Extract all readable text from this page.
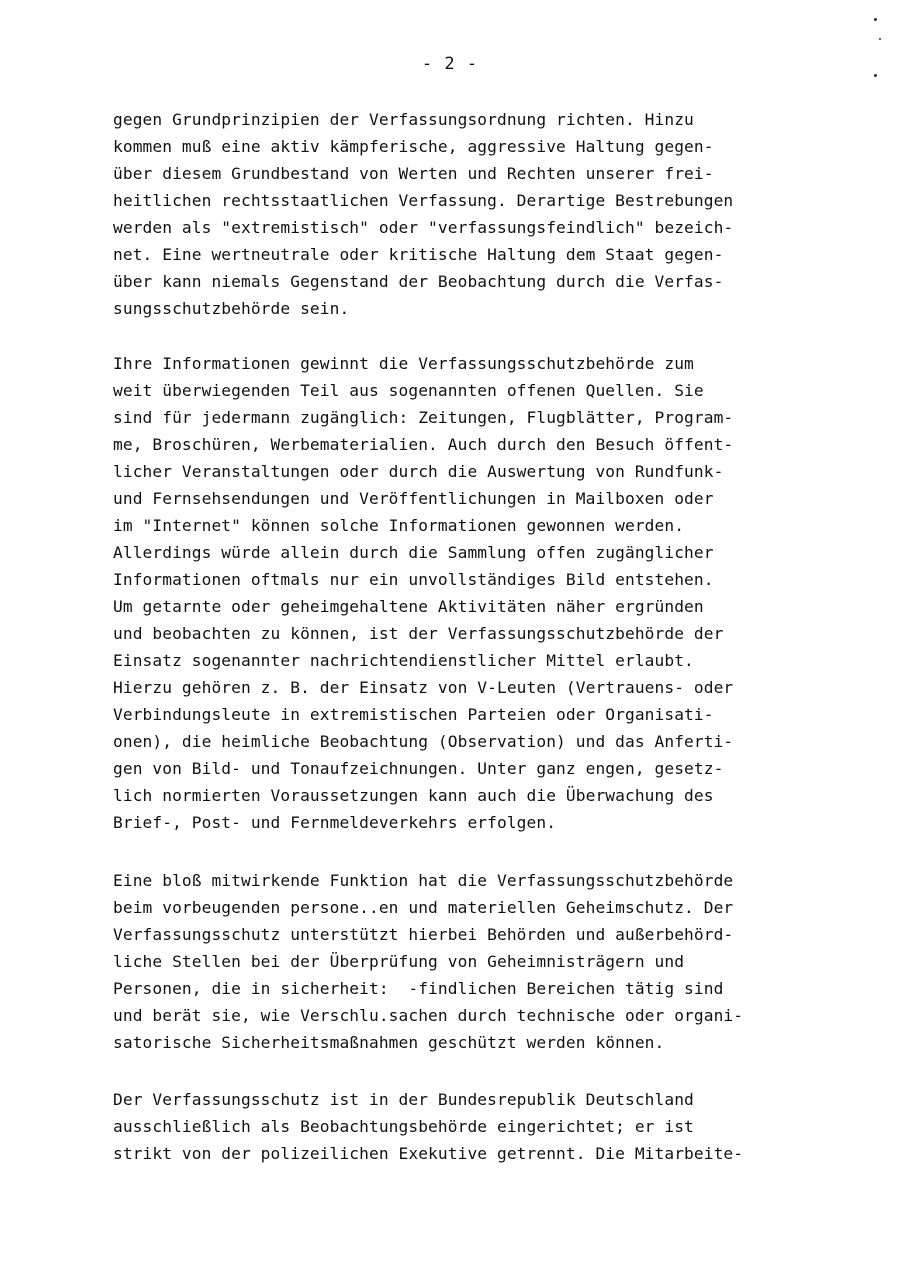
- 2 -
gegen Grundprinzipien der Verfassungsordnung richten. Hinzu
kommen muß eine aktiv kämpferische, aggressive Haltung gegen-
über diesem Grundbestand von Werten und Rechten unserer frei-
heitlichen rechtsstaatlichen Verfassung. Derartige Bestrebungen
werden als "extremistisch" oder "verfassungsfeindlich" bezeich-
net. Eine wertneutrale oder kritische Haltung dem Staat gegen-
über kann niemals Gegenstand der Beobachtung durch die Verfas-
sungsschutzbehörde sein.
Ihre Informationen gewinnt die Verfassungsschutzbehörde zum
weit überwiegenden Teil aus sogenannten offenen Quellen. Sie
sind für jedermann zugänglich: Zeitungen, Flugblätter, Program-
me, Broschüren, Werbematerialien. Auch durch den Besuch öffent-
licher Veranstaltungen oder durch die Auswertung von Rundfunk-
und Fernsehsendungen und Veröffentlichungen in Mailboxen oder
im "Internet" können solche Informationen gewonnen werden.
Allerdings würde allein durch die Sammlung offen zugänglicher
Informationen oftmals nur ein unvollständiges Bild entstehen.
Um getarnte oder geheimgehaltene Aktivitäten näher ergründen
und beobachten zu können, ist der Verfassungsschutzbehörde der
Einsatz sogenannter nachrichtendienstlicher Mittel erlaubt.
Hierzu gehören z. B. der Einsatz von V-Leuten (Vertrauens- oder
Verbindungsleute in extremistischen Parteien oder Organisati-
onen), die heimliche Beobachtung (Observation) und das Anferti-
gen von Bild- und Tonaufzeichnungen. Unter ganz engen, gesetz-
lich normierten Voraussetzungen kann auch die Überwachung des
Brief-, Post- und Fernmeldeverkehrs erfolgen.
Eine bloß mitwirkende Funktion hat die Verfassungsschutzbehörde
beim vorbeugenden persone..en und materiellen Geheimschutz. Der
Verfassungsschutz unterstützt hierbei Behörden und außerbehörd-
liche Stellen bei der Überprüfung von Geheimnisträgern und
Personen, die in sicherheit:  -findlichen Bereichen tätig sind
und berät sie, wie Verschlu.sachen durch technische oder organi-
satorische Sicherheitsmaßnahmen geschützt werden können.
Der Verfassungsschutz ist in der Bundesrepublik Deutschland
ausschließlich als Beobachtungsbehörde eingerichtet; er ist
strikt von der polizeilichen Exekutive getrennt. Die Mitarbeite-
